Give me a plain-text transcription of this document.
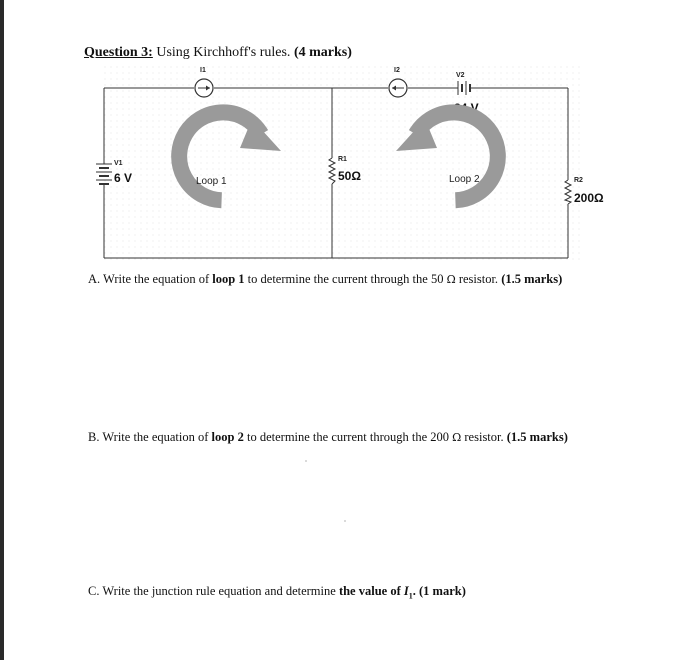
Question 3: Using Kirchhoff's rules. (4 marks)
I1	I2
V2
24 V
V1
6 V
R1
50Ω	R2
200Ω
Loop 1	Loop 2
A. Write the equation of loop 1 to determine the current through the 50 Ω resistor. (1.5 marks)
B. Write the equation of loop 2 to determine the current through the 200 Ω resistor. (1.5 marks)
C. Write the junction rule equation and determine the value of $I_1$. (1 mark)
